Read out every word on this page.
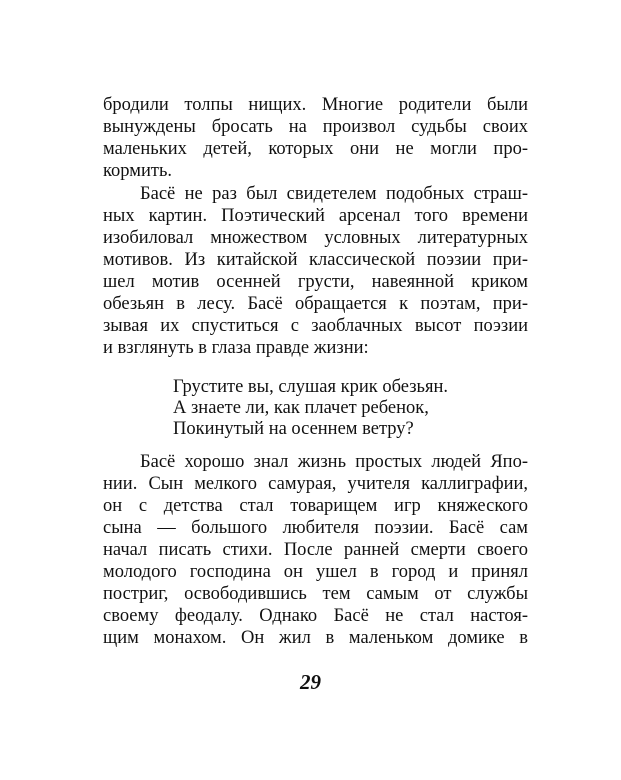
бродили толпы нищих. Многие родители были
вынуждены бросать на произвол судьбы своих
маленьких детей, которых они не могли про-
кормить.
Басё не раз был свидетелем подобных страш-
ных картин. Поэтический арсенал того времени
изобиловал множеством условных литературных
мотивов. Из китайской классической поэзии при-
шел мотив осенней грусти, навеянной криком
обезьян в лесу. Басё обращается к поэтам, при-
зывая их спуститься с заоблачных высот поэзии
и взглянуть в глаза правде жизни:
Грустите вы, слушая крик обезьян.
А знаете ли, как плачет ребенок,
Покинутый на осеннем ветру?
Басё хорошо знал жизнь простых людей Япо-
нии. Сын мелкого самурая, учителя каллиграфии,
он с детства стал товарищем игр княжеского
сына — большого любителя поэзии. Басё сам
начал писать стихи. После ранней смерти своего
молодого господина он ушел в город и принял
постриг, освободившись тем самым от службы
своему феодалу. Однако Басё не стал настоя-
щим монахом. Он жил в маленьком домике в
29
